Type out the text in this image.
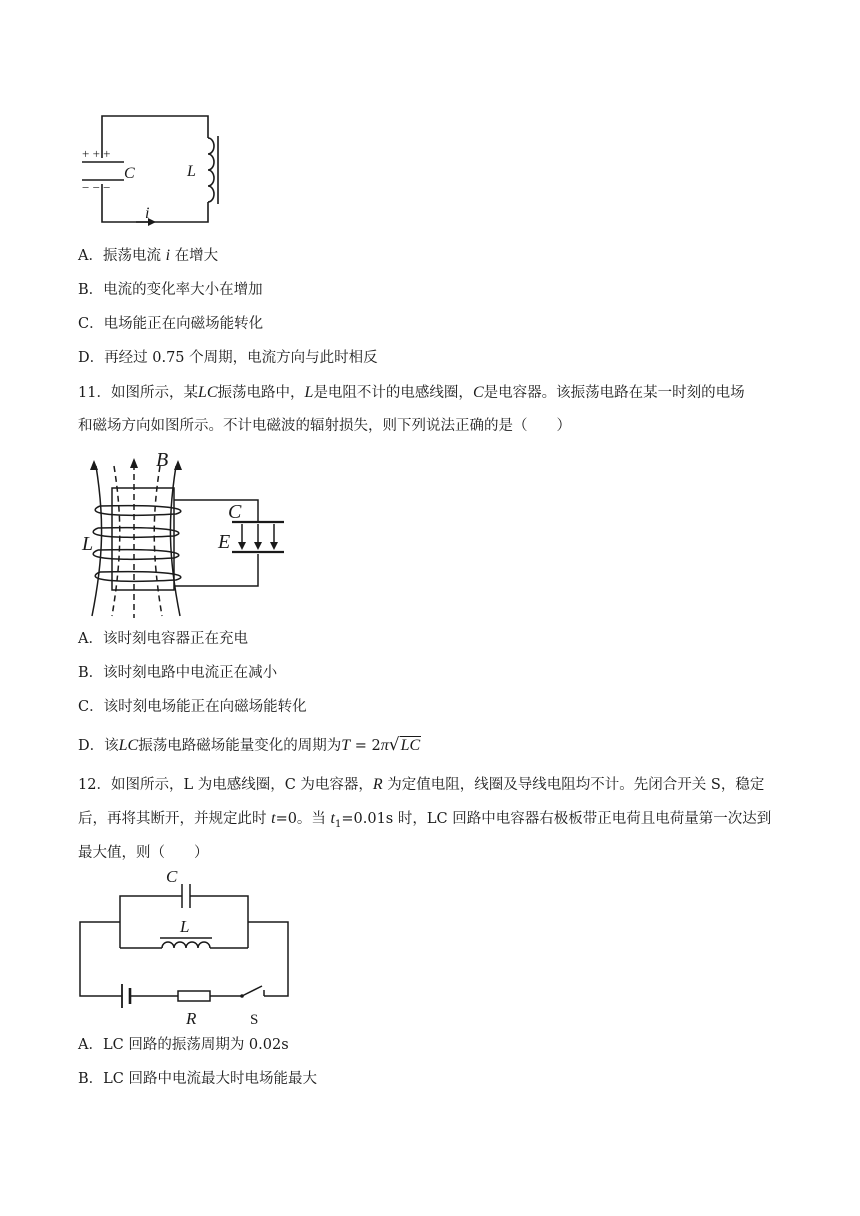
+ + +
− − −
C	L
i
A．振荡电流 i 在增大
B．电流的变化率大小在增加
C．电场能正在向磁场能转化
D．再经过 0.75 个周期，电流方向与此时相反
11．如图所示，某LC振荡电路中，L是电阻不计的电感线圈，C是电容器。该振荡电路在某一时刻的电场
和磁场方向如图所示。不计电磁波的辐射损失，则下列说法正确的是（　　）
B
C
E
L
A．该时刻电容器正在充电
B．该时刻电路中电流正在减小
C．该时刻电场能正在向磁场能转化
D．该LC振荡电路磁场能量变化的周期为T = 2π√LC
12．如图所示，L 为电感线圈，C 为电容器，R 为定值电阻，线圈及导线电阻均不计。先闭合开关 S，稳定
后，再将其断开，并规定此时 t=0。当 $t_1=0.01s$ 时，LC 回路中电容器右极板带正电荷且电荷量第一次达到
最大值，则（　　）
C
L
R	S
A．LC 回路的振荡周期为 0.02s
B．LC 回路中电流最大时电场能最大
